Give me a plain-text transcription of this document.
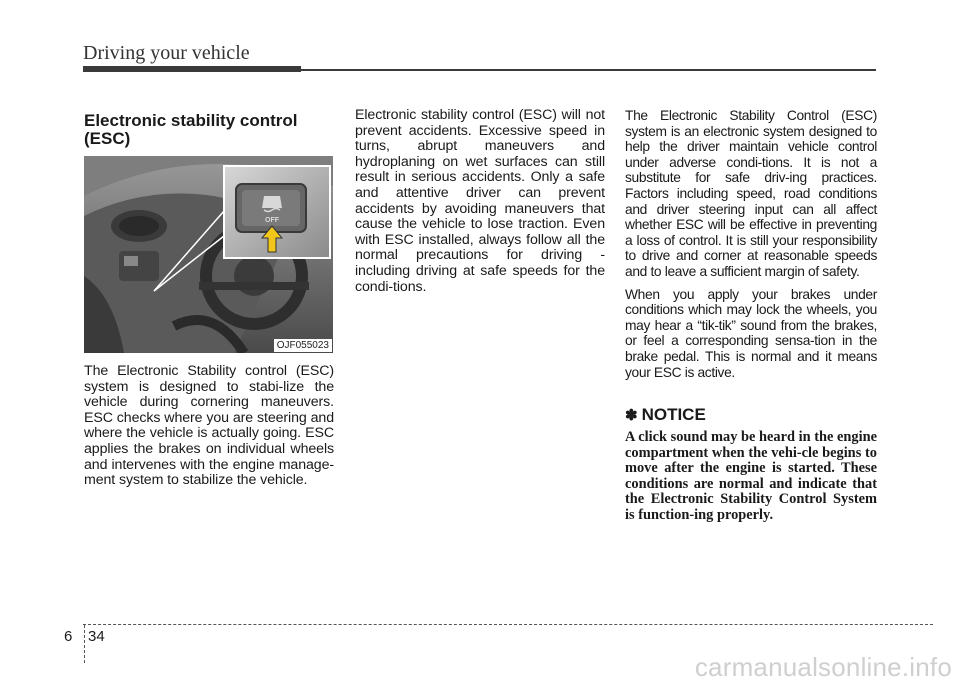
Driving your vehicle
Electronic stability control
(ESC)
OFF
OJF055023

The Electronic Stability control (ESC) system is designed to stabi-lize the vehicle during cornering maneuvers. ESC checks where you are steering and where the vehicle is actually going. ESC applies the brakes on individual wheels and intervenes with the engine manage-ment system to stabilize the vehicle.

Electronic stability control (ESC) will not prevent accidents. Excessive speed in turns, abrupt maneuvers and hydroplaning on wet surfaces can still result in serious accidents. Only a safe and attentive driver can prevent accidents by avoiding maneuvers that cause the vehicle to lose traction. Even with ESC installed, always follow all the normal precautions for driving - including driving at safe speeds for the condi-tions.

The Electronic Stability Control (ESC) system is an electronic system designed to help the driver maintain vehicle control under adverse condi-tions. It is not a substitute for safe driv-ing practices. Factors including speed, road conditions and driver steering input can all affect whether ESC will be effective in preventing a loss of control. It is still your responsibility to drive and corner at reasonable speeds and to leave a sufficient margin of safety.

When you apply your brakes under conditions which may lock the wheels, you may hear a “tik-tik” sound from the brakes, or feel a corresponding sensa-tion in the brake pedal. This is normal and it means your ESC is active.

✽ NOTICE
A click sound may be heard in the engine compartment when the vehi-cle begins to move after the engine is started. These conditions are normal and indicate that the Electronic Stability Control System is function-ing properly.
6 34
carmanualsonline.info
